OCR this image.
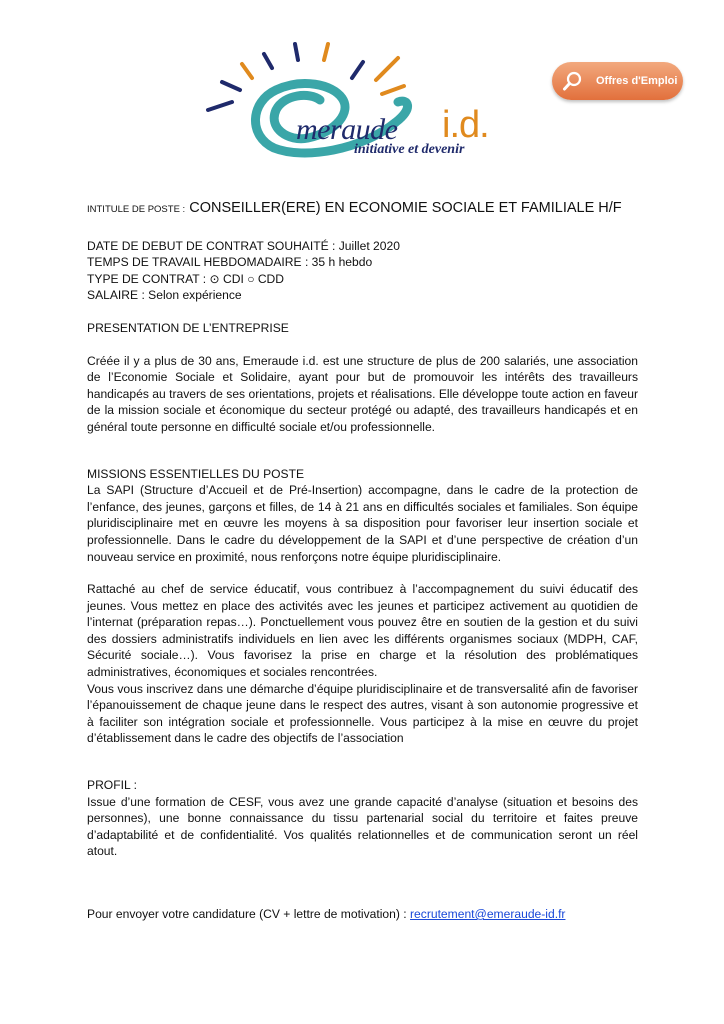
meraude i.d.
initiative et devenir
Offres d'Emploi
INTITULE DE POSTE : CONSEILLER(ERE) EN ECONOMIE SOCIALE ET FAMILIALE H/F

DATE DE DEBUT DE CONTRAT SOUHAITÉ : Juillet 2020

TEMPS DE TRAVAIL HEBDOMADAIRE : 35 h hebdo

TYPE DE CONTRAT : ⊙ CDI ○ CDD

SALAIRE : Selon expérience

PRESENTATION DE L’ENTREPRISE

Créée il y a plus de 30 ans, Emeraude i.d. est une structure de plus de 200 salariés, une association de l’Economie Sociale et Solidaire, ayant pour but de promouvoir les intérêts des travailleurs handicapés au travers de ses orientations, projets et réalisations. Elle développe toute action en faveur de la mission sociale et économique du secteur protégé ou adapté, des travailleurs handicapés et en général toute personne en difficulté sociale et/ou professionnelle.

MISSIONS ESSENTIELLES DU POSTE

La SAPI (Structure d’Accueil et de Pré-Insertion) accompagne, dans le cadre de la protection de l’enfance, des jeunes, garçons et filles, de 14 à 21 ans en difficultés sociales et familiales. Son équipe pluridisciplinaire met en œuvre les moyens à sa disposition pour favoriser leur insertion sociale et professionnelle. Dans le cadre du développement de la SAPI et d’une perspective de création d’un nouveau service en proximité, nous renforçons notre équipe pluridisciplinaire.

Rattaché au chef de service éducatif, vous contribuez à l’accompagnement du suivi éducatif des jeunes. Vous mettez en place des activités avec les jeunes et participez activement au quotidien de l’internat (préparation repas…). Ponctuellement vous pouvez être en soutien de la gestion et du suivi des dossiers administratifs individuels en lien avec les différents organismes sociaux (MDPH, CAF, Sécurité sociale…). Vous favorisez la prise en charge et la résolution des problématiques administratives, économiques et sociales rencontrées.

Vous vous inscrivez dans une démarche d’équipe pluridisciplinaire et de transversalité afin de favoriser l’épanouissement de chaque jeune dans le respect des autres, visant à son autonomie progressive et à faciliter son intégration sociale et professionnelle. Vous participez à la mise en œuvre du projet d’établissement dans le cadre des objectifs de l’association

PROFIL :

Issue d’une formation de CESF, vous avez une grande capacité d’analyse (situation et besoins des personnes), une bonne connaissance du tissu partenarial social du territoire et faites preuve d’adaptabilité et de confidentialité. Vos qualités relationnelles et de communication seront un réel atout.

Pour envoyer votre candidature (CV + lettre de motivation) : recrutement@emeraude-id.fr
